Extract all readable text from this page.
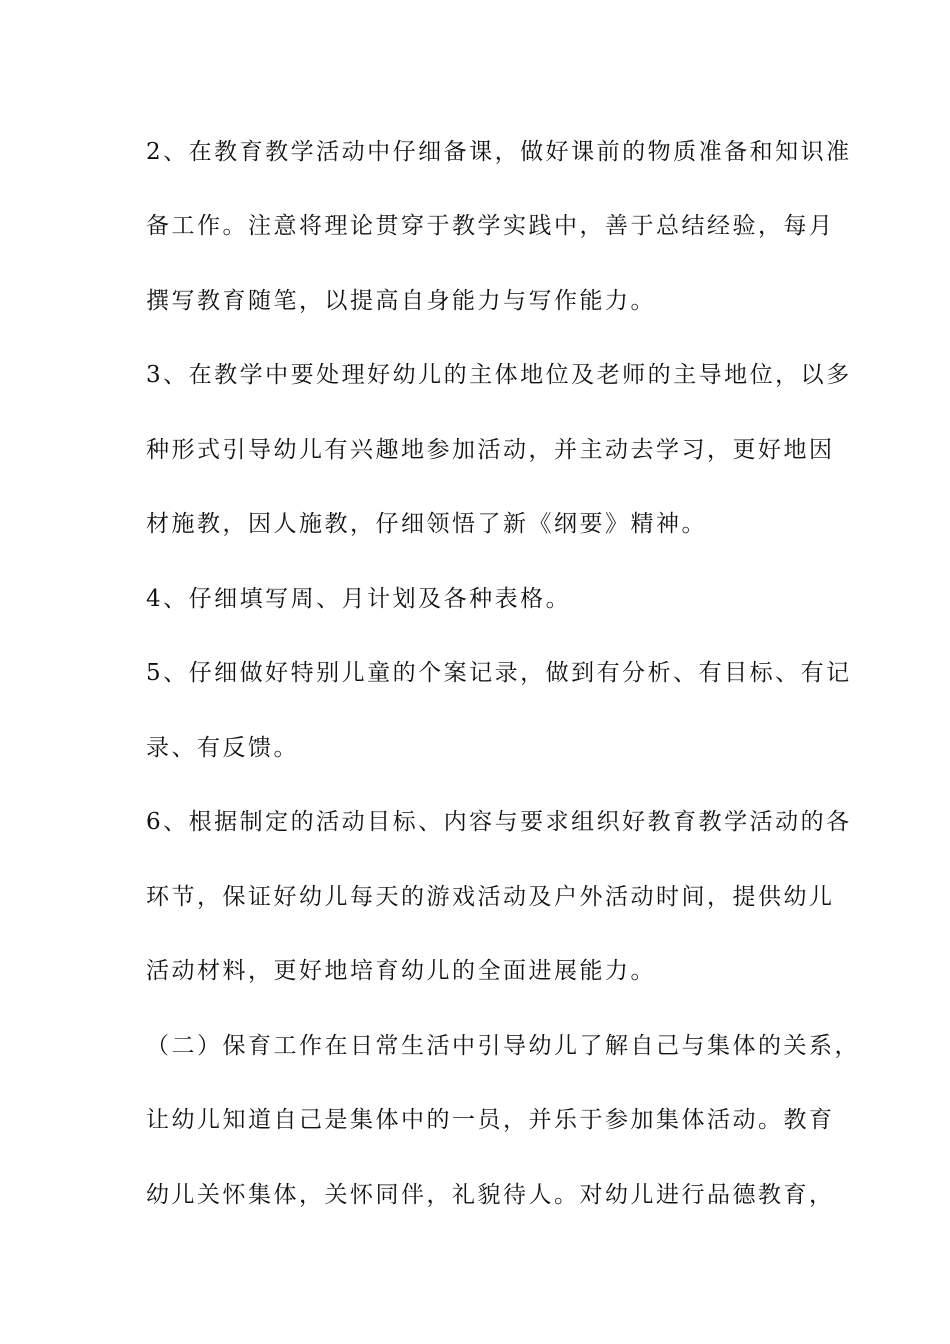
2、在教育教学活动中仔细备课，做好课前的物质准备和知识准
备工作。注意将理论贯穿于教学实践中，善于总结经验，每月
撰写教育随笔，以提高自身能力与写作能力。
3、在教学中要处理好幼儿的主体地位及老师的主导地位，以多
种形式引导幼儿有兴趣地参加活动，并主动去学习，更好地因
材施教，因人施教，仔细领悟了新《纲要》精神。
4、仔细填写周、月计划及各种表格。
5、仔细做好特别儿童的个案记录，做到有分析、有目标、有记
录、有反馈。
6、根据制定的活动目标、内容与要求组织好教育教学活动的各
环节，保证好幼儿每天的游戏活动及户外活动时间，提供幼儿
活动材料，更好地培育幼儿的全面进展能力。
（二）保育工作在日常生活中引导幼儿了解自己与集体的关系，
让幼儿知道自己是集体中的一员，并乐于参加集体活动。教育
幼儿关怀集体，关怀同伴，礼貌待人。对幼儿进行品德教育，
